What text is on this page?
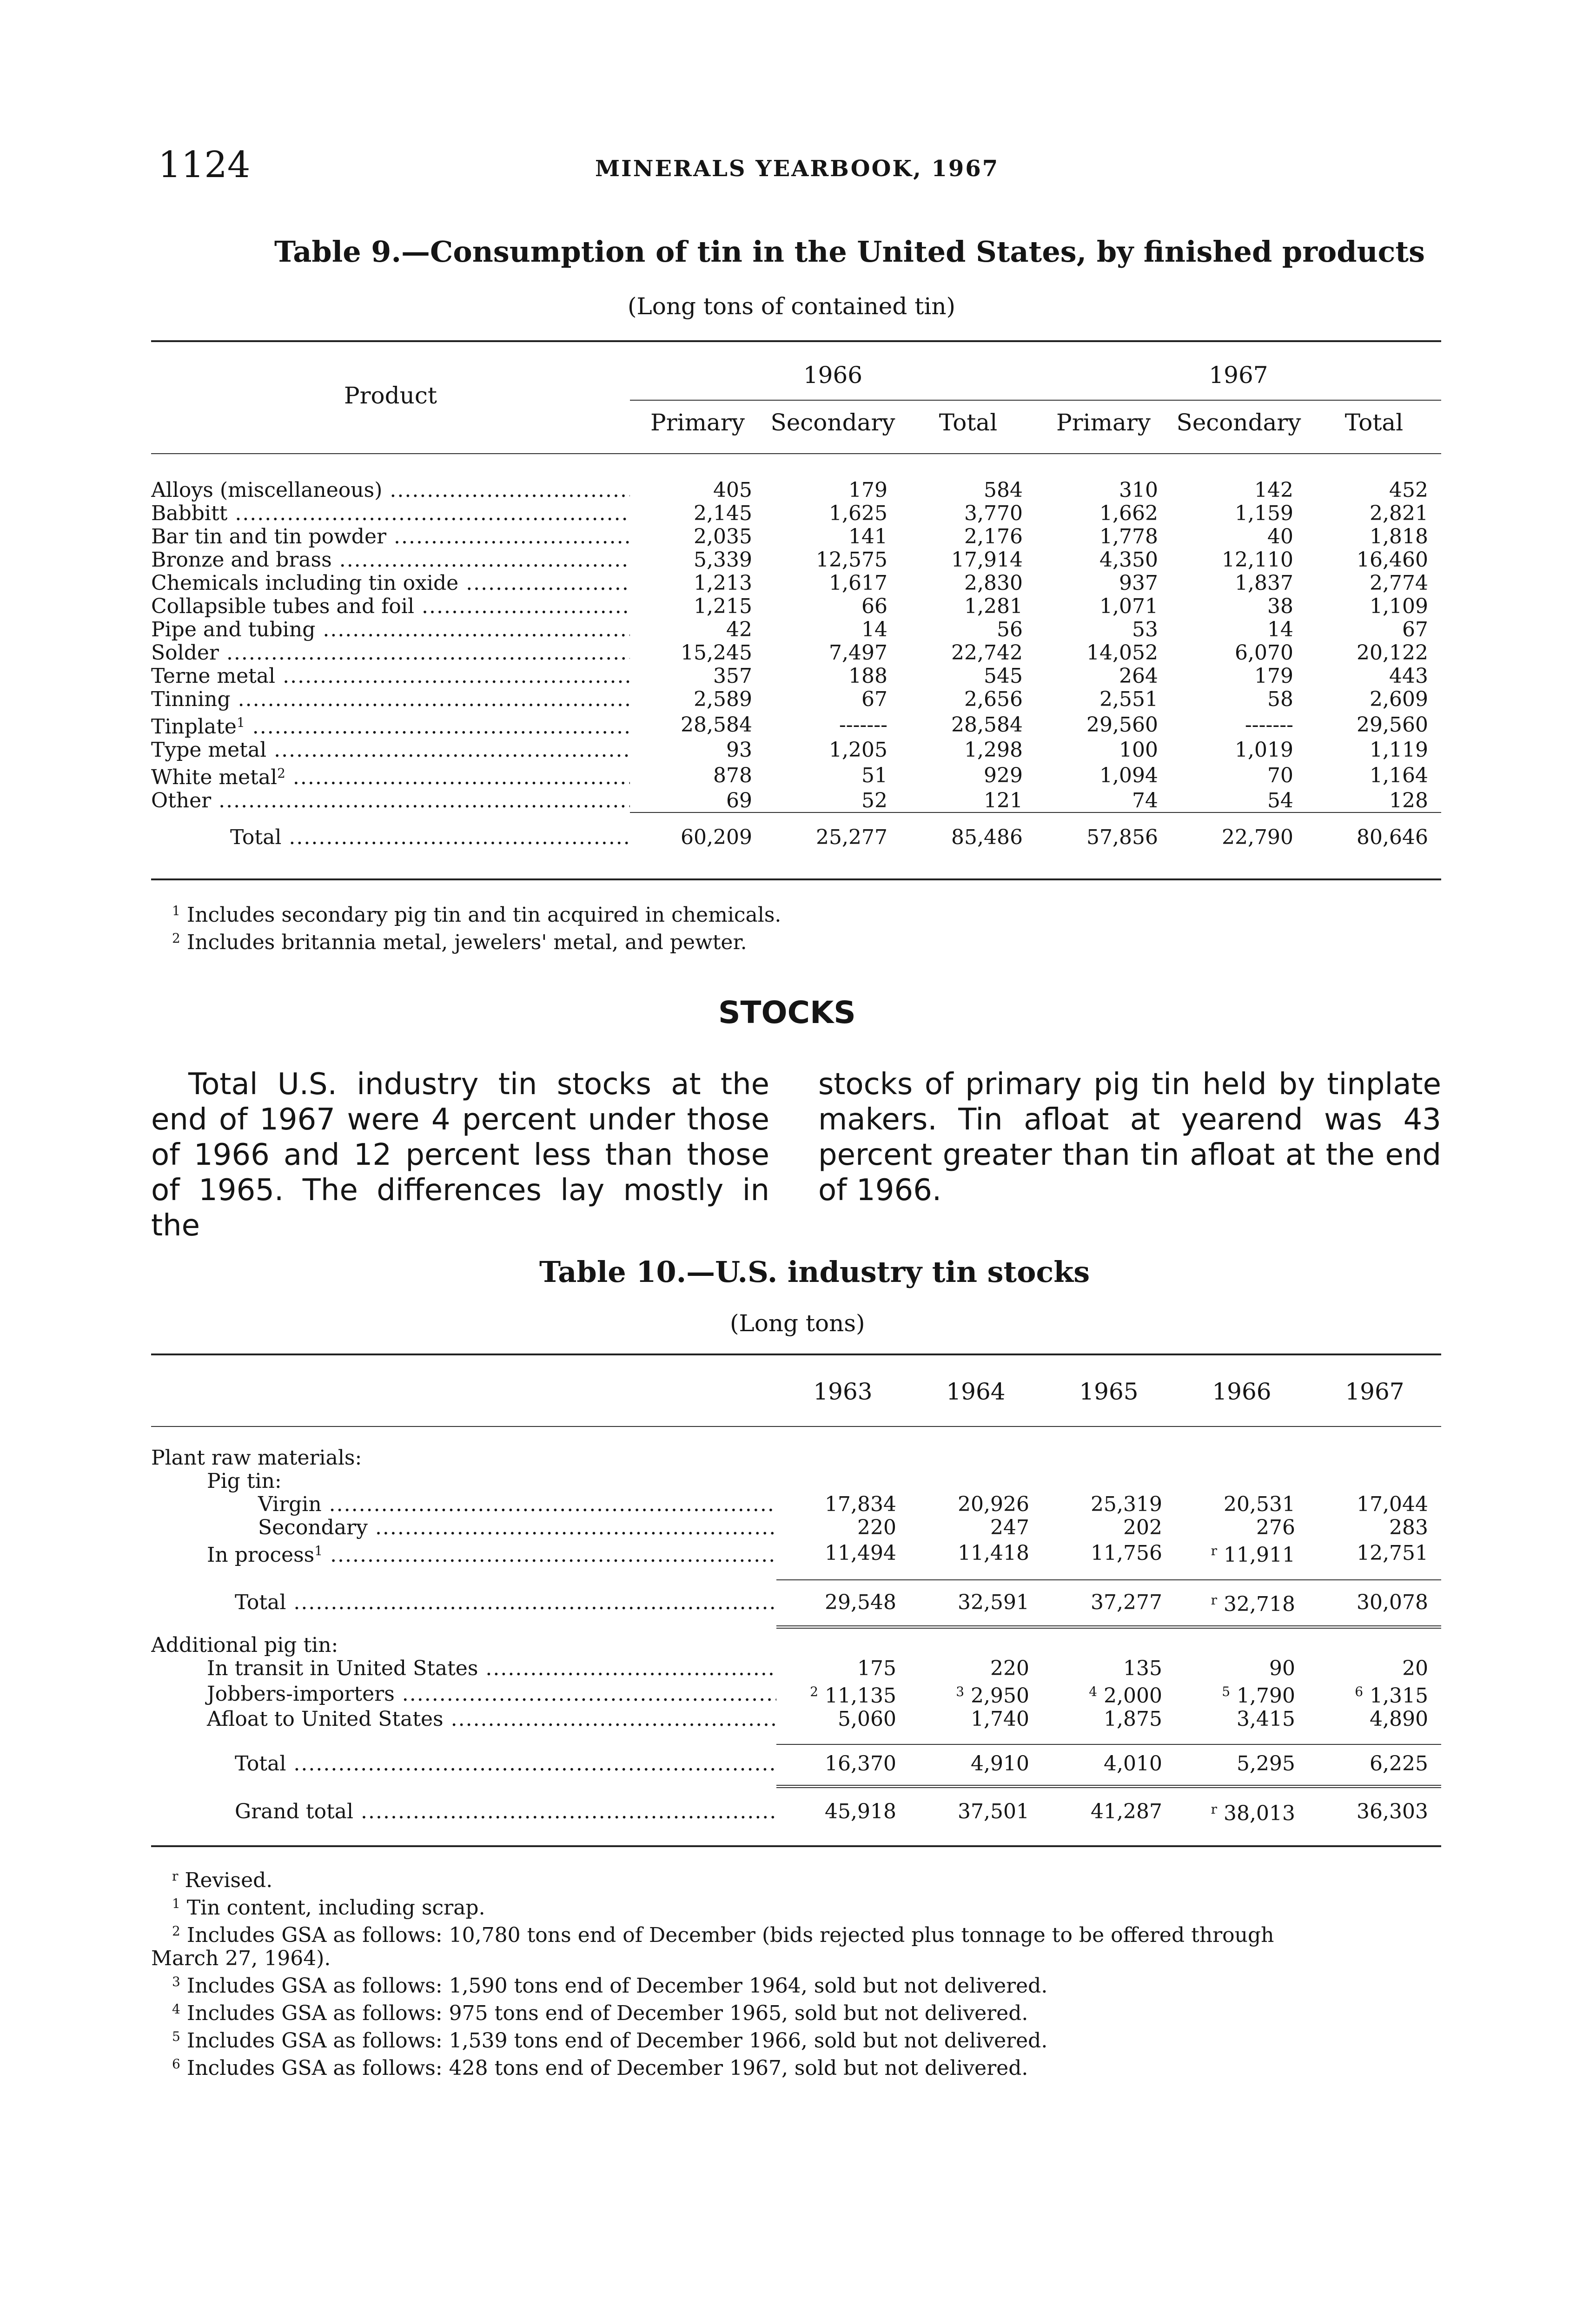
1124	MINERALS YEARBOOK, 1967
Table 9.—Consumption of tin in the United States, by finished products
(Long tons of contained tin)
Product
1966	1967
Primary	Secondary	Total	Primary	Secondary	Total
Alloys (miscellaneous) .....	405	179	584	310	142	452
Babbitt .....	2,145	1,625	3,770	1,662	1,159	2,821
Bar tin and tin powder .....	2,035	141	2,176	1,778	40	1,818
Bronze and brass .....	5,339	12,575	17,914	4,350	12,110	16,460
Chemicals including tin oxide .....	1,213	1,617	2,830	937	1,837	2,774
Collapsible tubes and foil .....	1,215	66	1,281	1,071	38	1,109
Pipe and tubing .....	42	14	56	53	14	67
Solder .....	15,245	7,497	22,742	14,052	6,070	20,122
Terne metal .....	357	188	545	264	179	443
Tinning .....	2,589	67	2,656	2,551	58	2,609
Tinplate$^1$ .....	28,584	-------	28,584	29,560	-------	29,560
Type metal .....	93	1,205	1,298	100	1,019	1,119
White metal$^2$ .....	878	51	929	1,094	70	1,164
Other .....	69	52	121	74	54	128
Total .....	60,209	25,277	85,486	57,856	22,790	80,646
$^1$ Includes secondary pig tin and tin acquired in chemicals.
$^2$ Includes britannia metal, jewelers' metal, and pewter.
STOCKS
Total U.S. industry tin stocks at the end of 1967 were 4 percent under those of 1966 and 12 percent less than those of 1965. The differences lay mostly in the
stocks of primary pig tin held by tinplate makers. Tin afloat at yearend was 43 percent greater than tin afloat at the end of 1966.
Table 10.—U.S. industry tin stocks
(Long tons)
1963	1964	1965	1966	1967
Plant raw materials:					
Pig tin:					
Virgin .....	17,834	20,926	25,319	20,531	17,044
Secondary .....	220	247	202	276	283
In process$^1$ .....	11,494	11,418	11,756	$^r$ 11,911	12,751
Total .....	29,548	32,591	37,277	$^r$ 32,718	30,078
Additional pig tin:					
In transit in United States .....	175	220	135	90	20
Jobbers-importers .....	$^2$ 11,135	$^3$ 2,950	$^4$ 2,000	$^5$ 1,790	$^6$ 1,315
Afloat to United States .....	5,060	1,740	1,875	3,415	4,890
Total .....	16,370	4,910	4,010	5,295	6,225
Grand total .....	45,918	37,501	41,287	$^r$ 38,013	36,303
$^r$ Revised.
$^1$ Tin content, including scrap.
$^2$ Includes GSA as follows: 10,780 tons end of December (bids rejected plus tonnage to be offered through
March 27, 1964).
$^3$ Includes GSA as follows: 1,590 tons end of December 1964, sold but not delivered.
$^4$ Includes GSA as follows: 975 tons end of December 1965, sold but not delivered.
$^5$ Includes GSA as follows: 1,539 tons end of December 1966, sold but not delivered.
$^6$ Includes GSA as follows: 428 tons end of December 1967, sold but not delivered.
